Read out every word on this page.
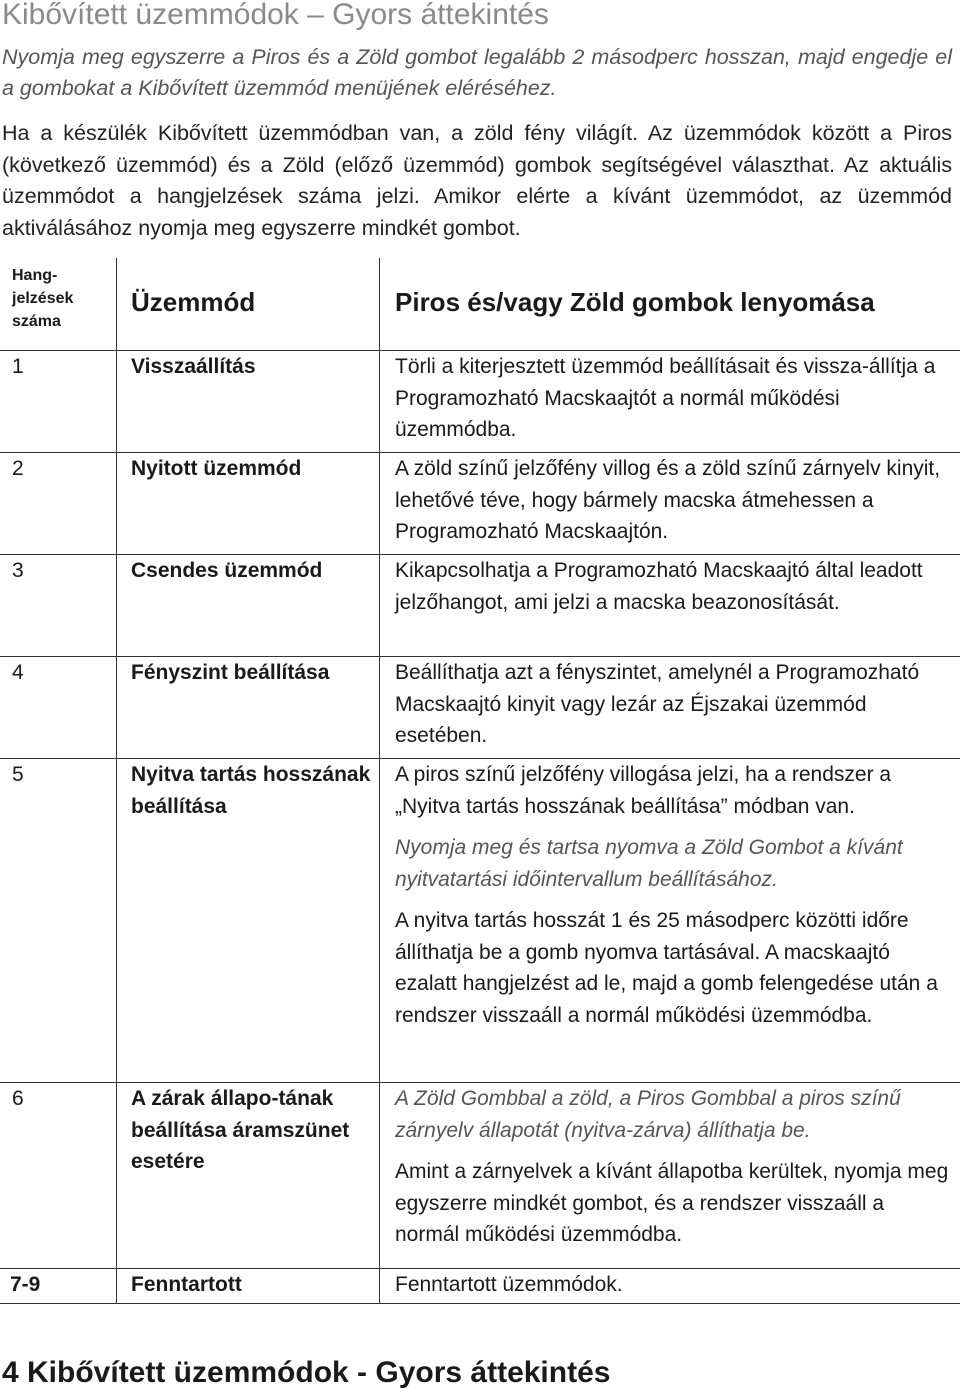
Kibővített üzemmódok – Gyors áttekintés
Nyomja meg egyszerre a Piros és a Zöld gombot legalább 2 másodperc hosszan, majd engedje el a gombokat a Kibővített üzemmód menüjének eléréséhez.
Ha a készülék Kibővített üzemmódban van, a zöld fény világít. Az üzemmódok között a Piros (következő üzemmód) és a Zöld (előző üzemmód) gombok segítségével választhat. Az aktuális üzemmódot a hangjelzések száma jelzi. Amikor elérte a kívánt üzemmódot, az üzemmód aktiválásához nyomja meg egyszerre mindkét gombot.
Hang-jelzések száma	Üzemmód	Piros és/vagy Zöld gombok lenyomása
1	Visszaállítás	Törli a kiterjesztett üzemmód beállításait és vissza-állítja a Programozható Macskaajtót a normál működési üzemmódba.
2	Nyitott üzemmód	A zöld színű jelzőfény villog és a zöld színű zárnyelv kinyit, lehetővé téve, hogy bármely macska átmehessen a Programozható Macskaajtón.
3	Csendes üzemmód	Kikapcsolhatja a Programozható Macskaajtó által leadott jelzőhangot, ami jelzi a macska beazonosítását.
4	Fényszint beállítása	Beállíthatja azt a fényszintet, amelynél a Programozható Macskaajtó kinyit vagy lezár az Éjszakai üzemmód esetében.
5	Nyitva tartás hosszának beállítása	A piros színű jelzőfény villogása jelzi, ha a rendszer a „Nyitva tartás hosszának beállítása” módban van.
Nyomja meg és tartsa nyomva a Zöld Gombot a kívánt nyitvatartási időintervallum beállításához.
A nyitva tartás hosszát 1 és 25 másodperc közötti időre állíthatja be a gomb nyomva tartásával. A macskaajtó ezalatt hangjelzést ad le, majd a gomb felengedése után a rendszer visszaáll a normál működési üzemmódba.

6	A zárak állapo-tának beállítása áramszünet esetére	A Zöld Gombbal a zöld, a Piros Gombbal a piros színű zárnyelv állapotát (nyitva-zárva) állíthatja be.
Amint a zárnyelvek a kívánt állapotba kerültek, nyomja meg egyszerre mindkét gombot, és a rendszer visszaáll a normál működési üzemmódba.

7-9	Fenntartott	Fenntartott üzemmódok.
4 Kibővített üzemmódok - Gyors áttekintés
